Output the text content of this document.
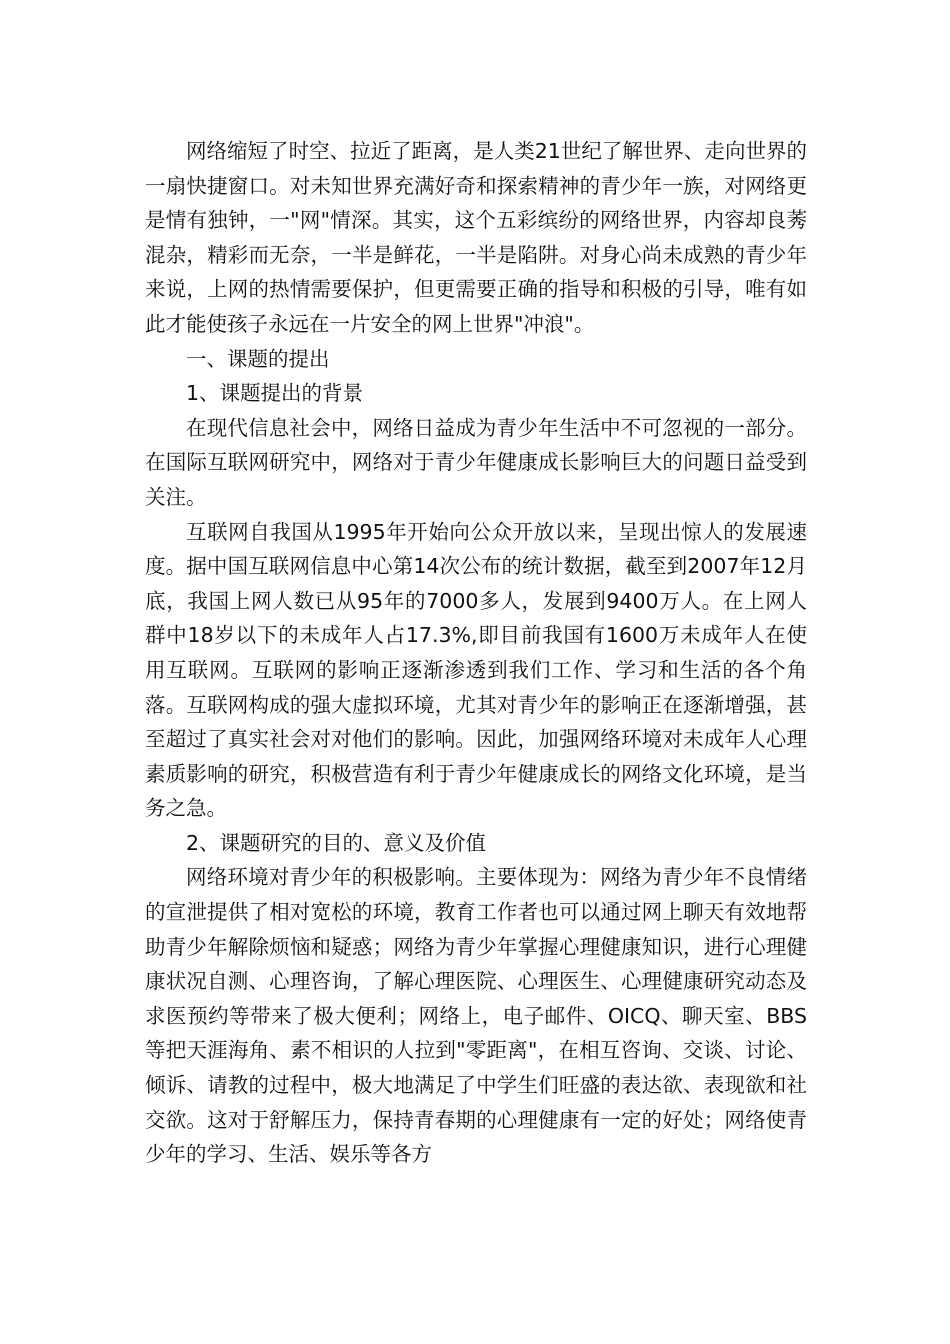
网络缩短了时空、拉近了距离，是人类21世纪了解世界、走向世界的一扇快捷窗口。对未知世界充满好奇和探索精神的青少年一族，对网络更是情有独钟，一"网"情深。其实，这个五彩缤纷的网络世界，内容却良莠混杂，精彩而无奈，一半是鲜花，一半是陷阱。对身心尚未成熟的青少年来说，上网的热情需要保护，但更需要正确的指导和积极的引导，唯有如此才能使孩子永远在一片安全的网上世界"冲浪"。

一、课题的提出

1、课题提出的背景

在现代信息社会中，网络日益成为青少年生活中不可忽视的一部分。在国际互联网研究中，网络对于青少年健康成长影响巨大的问题日益受到关注。

互联网自我国从1995年开始向公众开放以来，呈现出惊人的发展速度。据中国互联网信息中心第14次公布的统计数据，截至到2007年12月底，我国上网人数已从95年的7000多人，发展到9400万人。在上网人群中18岁以下的未成年人占17.3%,即目前我国有1600万未成年人在使用互联网。互联网的影响正逐渐渗透到我们工作、学习和生活的各个角落。互联网构成的强大虚拟环境，尤其对青少年的影响正在逐渐增强，甚至超过了真实社会对对他们的影响。因此，加强网络环境对未成年人心理素质影响的研究，积极营造有利于青少年健康成长的网络文化环境，是当务之急。

2、课题研究的目的、意义及价值

网络环境对青少年的积极影响。主要体现为：网络为青少年不良情绪的宣泄提供了相对宽松的环境，教育工作者也可以通过网上聊天有效地帮助青少年解除烦恼和疑惑；网络为青少年掌握心理健康知识，进行心理健康状况自测、心理咨询，了解心理医院、心理医生、心理健康研究动态及求医预约等带来了极大便利；网络上，电子邮件、OICQ、聊天室、BBS等把天涯海角、素不相识的人拉到"零距离"，在相互咨询、交谈、讨论、倾诉、请教的过程中，极大地满足了中学生们旺盛的表达欲、表现欲和社交欲。这对于舒解压力，保持青春期的心理健康有一定的好处；网络使青少年的学习、生活、娱乐等各方
